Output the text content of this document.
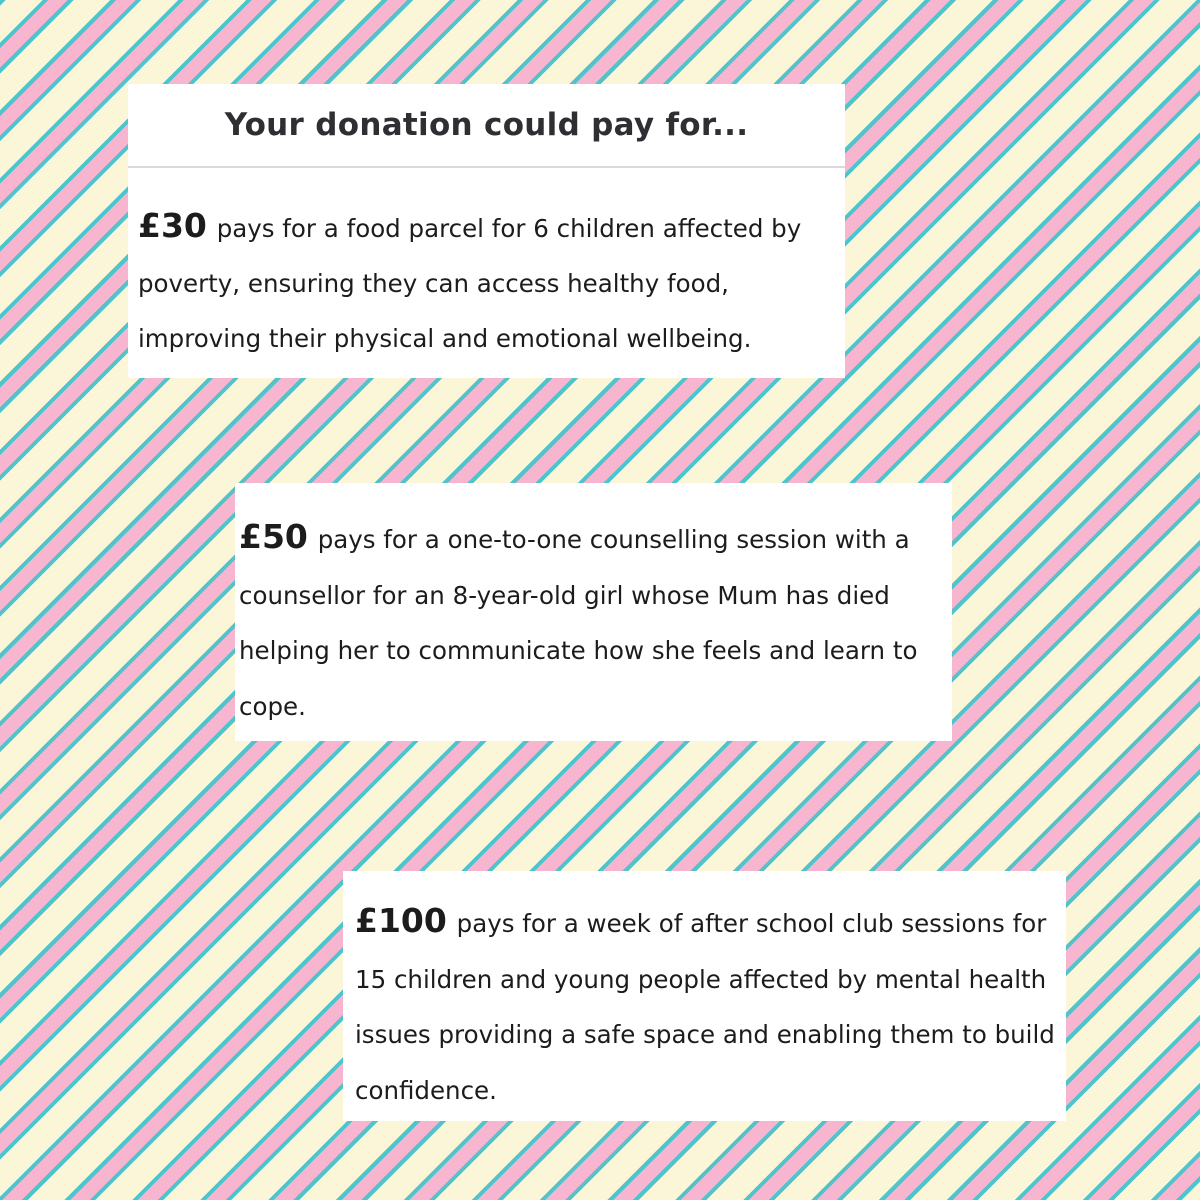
Your donation could pay for...

£30 pays for a food parcel for 6 children affected by poverty, ensuring they can access healthy food, improving their physical and emotional wellbeing.

£50 pays for a one-to-one counselling session with a counsellor for an 8-year-old girl whose Mum has died helping her to communicate how she feels and learn to cope.

£100 pays for a week of after school club sessions for 15 children and young people affected by mental health issues providing a safe space and enabling them to build confidence.
